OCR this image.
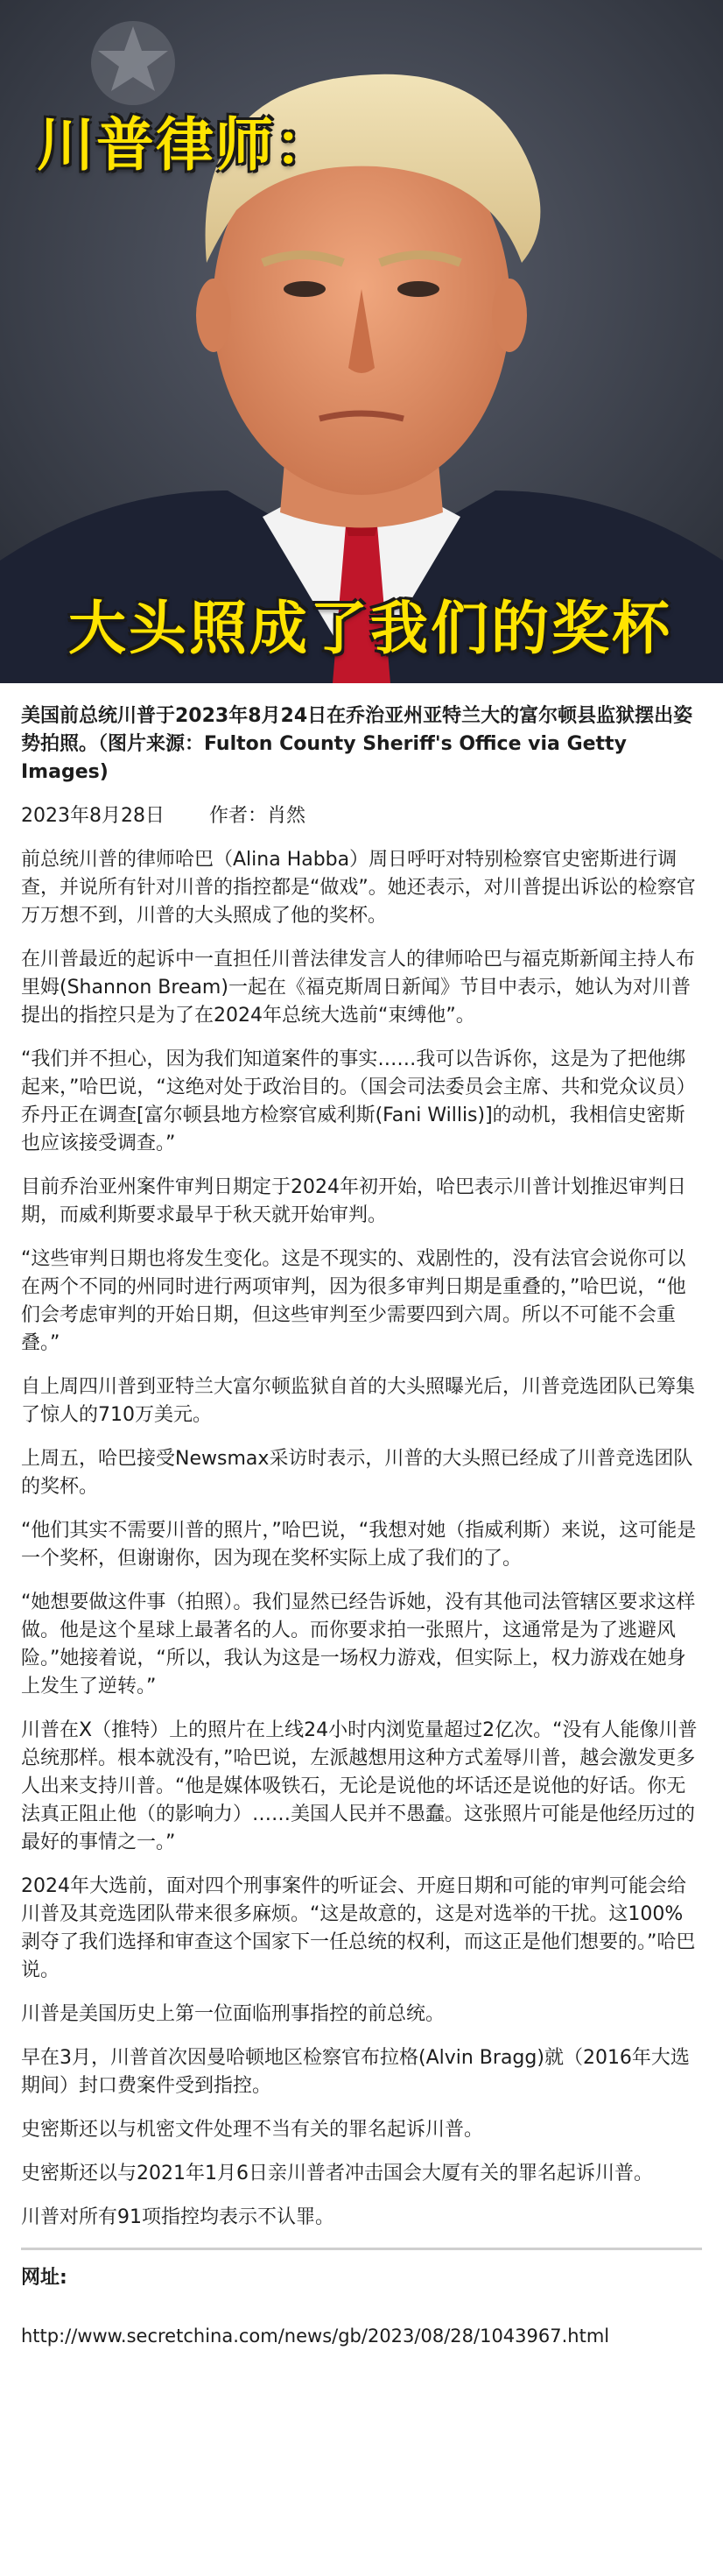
川普律师：
大头照成了我们的奖杯

美国前总统川普于2023年8月24日在乔治亚州亚特兰大的富尔顿县监狱摆出姿势拍照。（图片来源：Fulton County Sheriff's Office via Getty Images)

2023年8月28日 作者：肖然

前总统川普的律师哈巴（Alina Habba）周日呼吁对特别检察官史密斯进行调查，并说所有针对川普的指控都是“做戏”。她还表示，对川普提出诉讼的检察官万万想不到，川普的大头照成了他的奖杯。

在川普最近的起诉中一直担任川普法律发言人的律师哈巴与福克斯新闻主持人布里姆(Shannon Bream)一起在《福克斯周日新闻》节目中表示，她认为对川普提出的指控只是为了在2024年总统大选前“束缚他”。

“我们并不担心，因为我们知道案件的事实……我可以告诉你，这是为了把他绑起来，”哈巴说，“这绝对处于政治目的。（国会司法委员会主席、共和党众议员）乔丹正在调查[富尔顿县地方检察官威利斯(Fani Willis)]的动机，我相信史密斯也应该接受调查。”

目前乔治亚州案件审判日期定于2024年初开始，哈巴表示川普计划推迟审判日期，而威利斯要求最早于秋天就开始审判。

“这些审判日期也将发生变化。这是不现实的、戏剧性的，没有法官会说你可以在两个不同的州同时进行两项审判，因为很多审判日期是重叠的，”哈巴说，“他们会考虑审判的开始日期，但这些审判至少需要四到六周。所以不可能不会重叠。”

自上周四川普到亚特兰大富尔顿监狱自首的大头照曝光后，川普竞选团队已筹集了惊人的710万美元。

上周五，哈巴接受Newsmax采访时表示，川普的大头照已经成了川普竞选团队的奖杯。

“他们其实不需要川普的照片，”哈巴说，“我想对她（指威利斯）来说，这可能是一个奖杯，但谢谢你，因为现在奖杯实际上成了我们的了。

“她想要做这件事（拍照）。我们显然已经告诉她，没有其他司法管辖区要求这样做。他是这个星球上最著名的人。而你要求拍一张照片，这通常是为了逃避风险。”她接着说，“所以，我认为这是一场权力游戏，但实际上，权力游戏在她身上发生了逆转。”

川普在X（推特）上的照片在上线24小时内浏览量超过2亿次。“没有人能像川普总统那样。根本就没有，”哈巴说，左派越想用这种方式羞辱川普，越会激发更多人出来支持川普。“他是媒体吸铁石，无论是说他的坏话还是说他的好话。你无法真正阻止他（的影响力）……美国人民并不愚蠢。这张照片可能是他经历过的最好的事情之一。”

2024年大选前，面对四个刑事案件的听证会、开庭日期和可能的审判可能会给川普及其竞选团队带来很多麻烦。“这是故意的，这是对选举的干扰。这100%剥夺了我们选择和审查这个国家下一任总统的权利，而这正是他们想要的。”哈巴说。

川普是美国历史上第一位面临刑事指控的前总统。

早在3月，川普首次因曼哈顿地区检察官布拉格(Alvin Bragg)就（2016年大选期间）封口费案件受到指控。

史密斯还以与机密文件处理不当有关的罪名起诉川普。

史密斯还以与2021年1月6日亲川普者冲击国会大厦有关的罪名起诉川普。

川普对所有91项指控均表示不认罪。

网址:
http://www.secretchina.com/news/gb/2023/08/28/1043967.html
